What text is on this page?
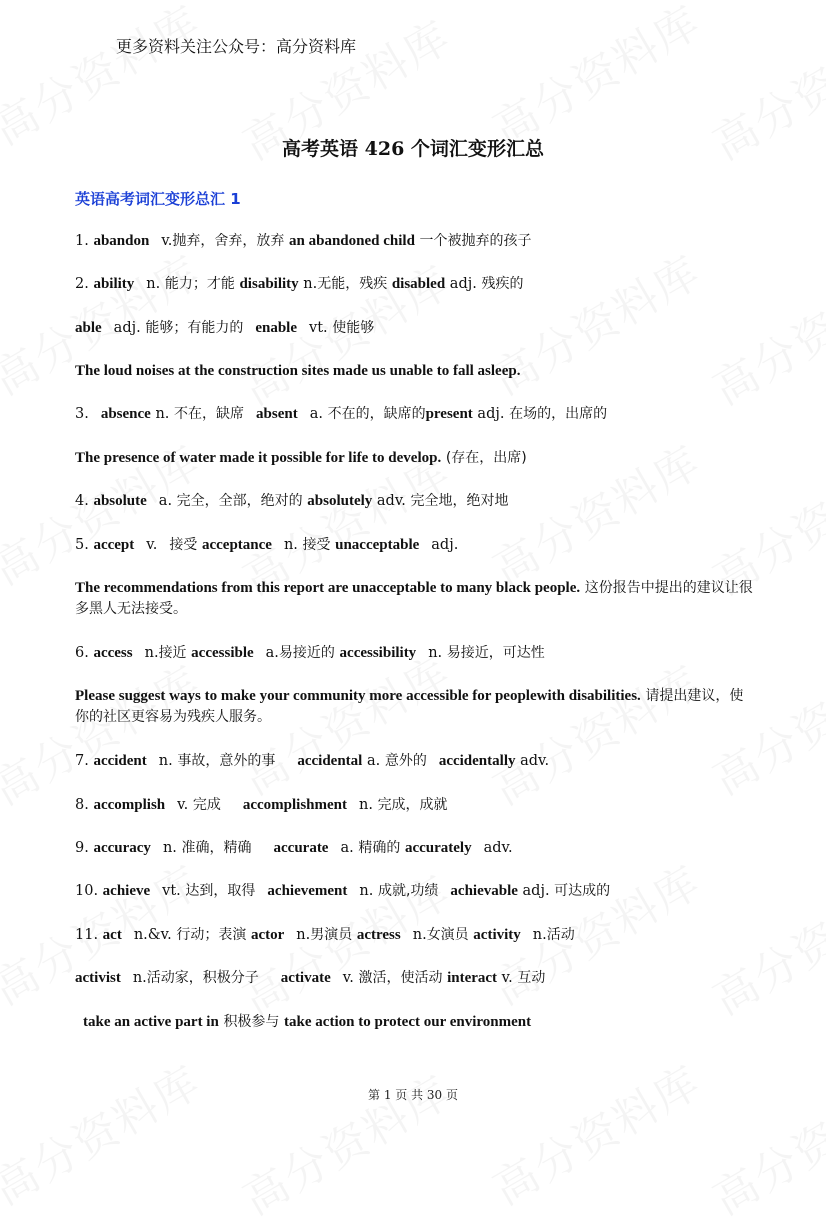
更多资料关注公众号：高分资料库
高考英语 426 个词汇变形汇总
英语高考词汇变形总汇 1
1. abandon v.抛弃，舍弃，放弃 an abandoned child 一个被抛弃的孩子
2. ability n. 能力；才能 disability n.无能，残疾 disabled adj. 残疾的
able adj. 能够；有能力的 enable vt. 使能够
The loud noises at the construction sites made us unable to fall asleep.
3. absence n. 不在，缺席 absent a. 不在的，缺席的present adj. 在场的，出席的
The presence of water made it possible for life to develop. (存在，出席)
4. absolute a. 完全，全部，绝对的 absolutely adv. 完全地，绝对地
5. accept v. 接受 acceptance n. 接受 unacceptable adj.
The recommendations from this report are unacceptable to many black people. 这份报告中提出的建议让很多黑人无法接受。
6. access n.接近 accessible a.易接近的 accessibility n. 易接近，可达性
Please suggest ways to make your community more accessible for peoplewith disabilities. 请提出建议，使你的社区更容易为残疾人服务。
7. accident n. 事故，意外的事 accidental a. 意外的 accidentally adv.
8. accomplish v. 完成 accomplishment n. 完成，成就
9. accuracy n. 准确，精确 accurate a. 精确的 accurately adv.
10. achieve vt. 达到，取得 achievement n. 成就,功绩 achievable adj. 可达成的
11. act n.&v. 行动；表演 actor n.男演员 actress n.女演员 activity n.活动
activist n.活动家，积极分子 activate v. 激活，使活动 interact v. 互动
take an active part in 积极参与 take action to protect our environment
第 1 页 共 30 页
